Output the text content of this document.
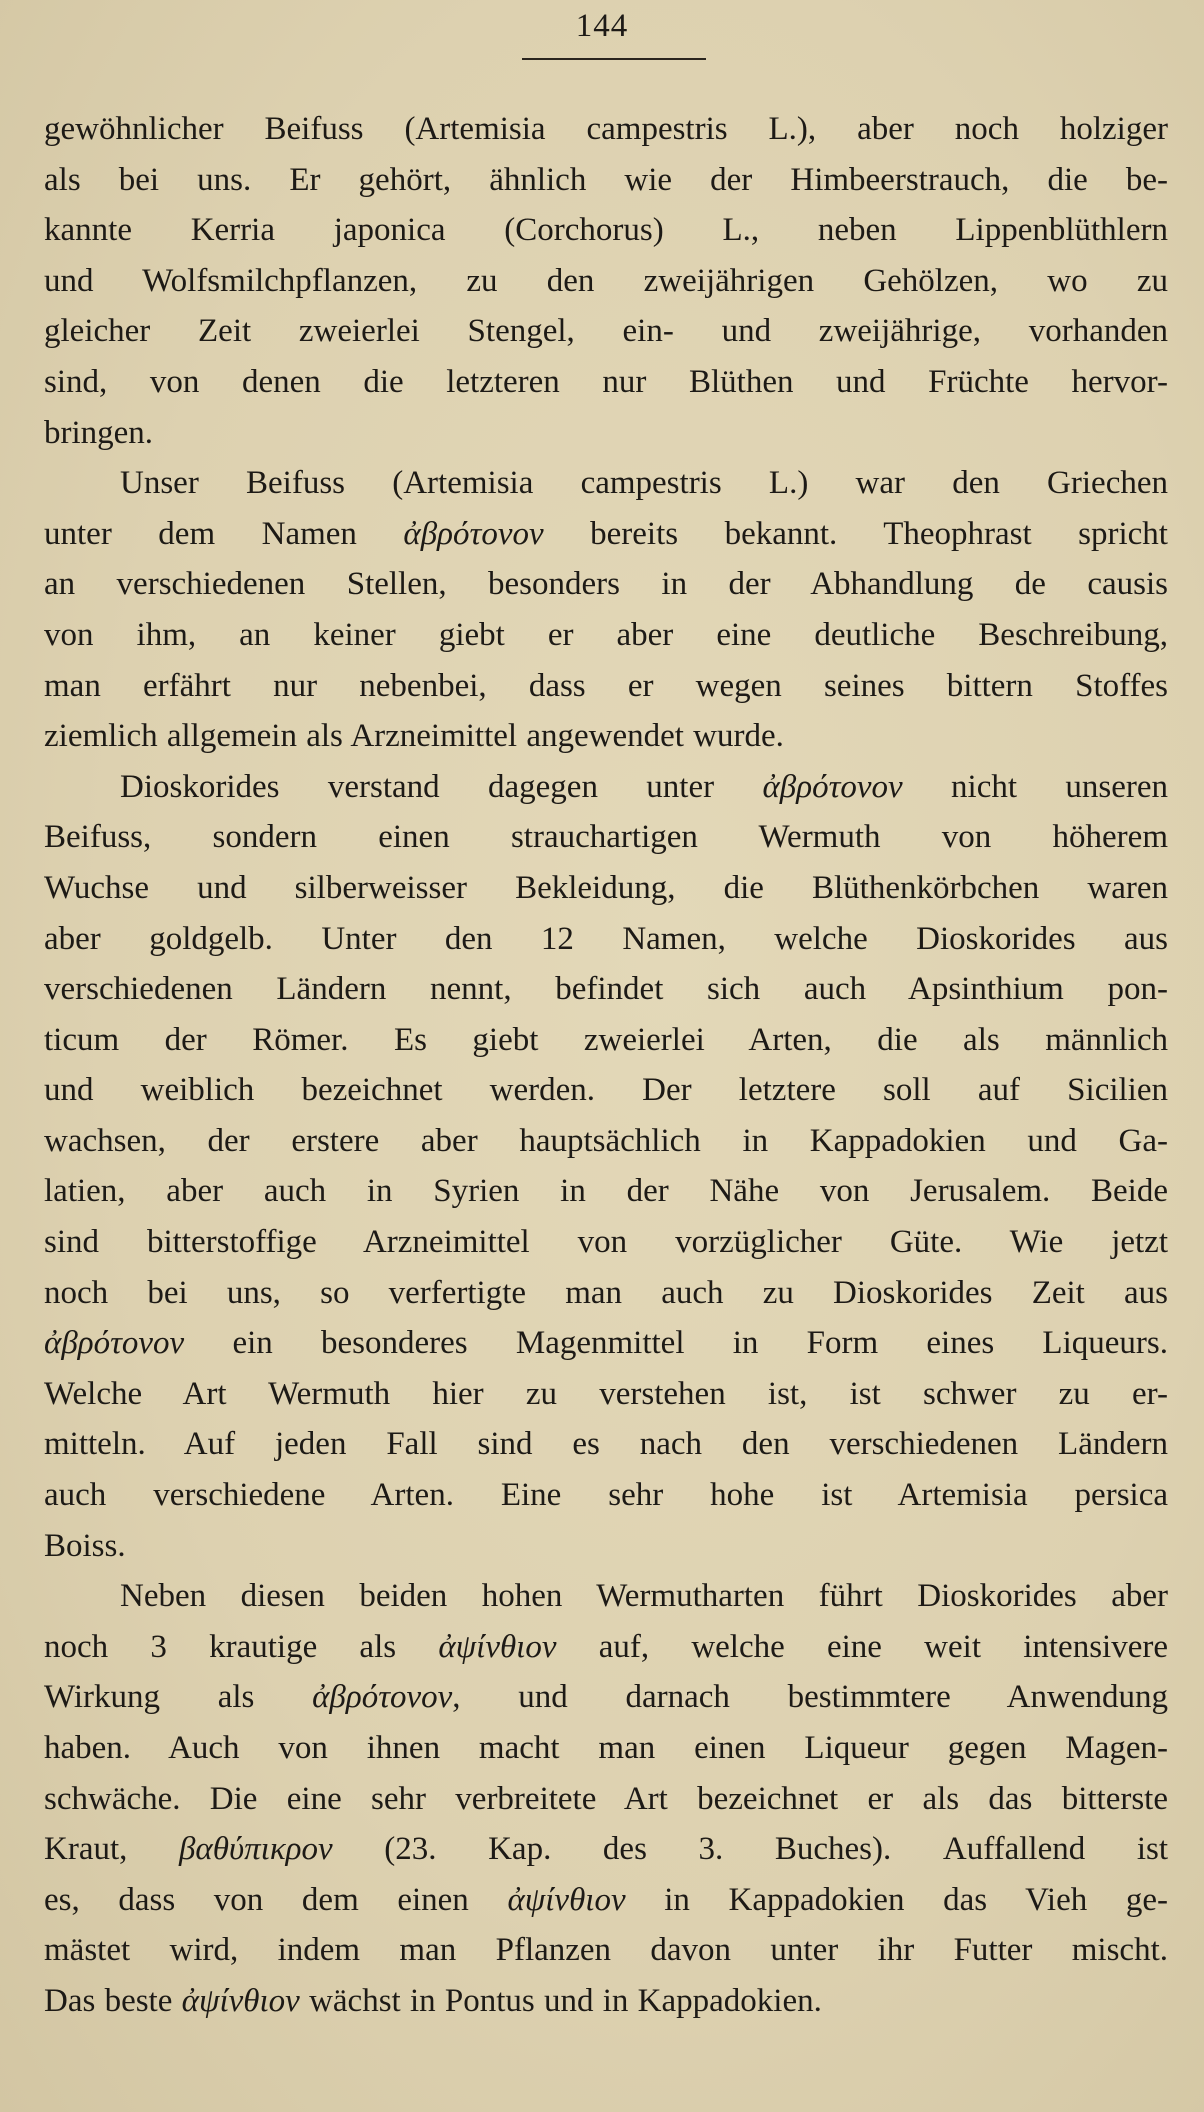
144
gewöhnlicher Beifuss (Artemisia campestris L.), aber noch holziger
als bei uns. Er gehört, ähnlich wie der Himbeerstrauch, die be-
kannte Kerria japonica (Corchorus) L., neben Lippenblüthlern
und Wolfsmilchpflanzen, zu den zweijährigen Gehölzen, wo zu
gleicher Zeit zweierlei Stengel, ein- und zweijährige, vorhanden
sind, von denen die letzteren nur Blüthen und Früchte hervor-
bringen.
Unser Beifuss (Artemisia campestris L.) war den Griechen
unter dem Namen ἀβρότονον bereits bekannt. Theophrast spricht
an verschiedenen Stellen, besonders in der Abhandlung de causis
von ihm, an keiner giebt er aber eine deutliche Beschreibung,
man erfährt nur nebenbei, dass er wegen seines bittern Stoffes
ziemlich allgemein als Arzneimittel angewendet wurde.
Dioskorides verstand dagegen unter ἀβρότονον nicht unseren
Beifuss, sondern einen strauchartigen Wermuth von höherem
Wuchse und silberweisser Bekleidung, die Blüthenkörbchen waren
aber goldgelb. Unter den 12 Namen, welche Dioskorides aus
verschiedenen Ländern nennt, befindet sich auch Apsinthium pon-
ticum der Römer. Es giebt zweierlei Arten, die als männlich
und weiblich bezeichnet werden. Der letztere soll auf Sicilien
wachsen, der erstere aber hauptsächlich in Kappadokien und Ga-
latien, aber auch in Syrien in der Nähe von Jerusalem. Beide
sind bitterstoffige Arzneimittel von vorzüglicher Güte. Wie jetzt
noch bei uns, so verfertigte man auch zu Dioskorides Zeit aus
ἀβρότονον ein besonderes Magenmittel in Form eines Liqueurs.
Welche Art Wermuth hier zu verstehen ist, ist schwer zu er-
mitteln. Auf jeden Fall sind es nach den verschiedenen Ländern
auch verschiedene Arten. Eine sehr hohe ist Artemisia persica
Boiss.
Neben diesen beiden hohen Wermutharten führt Dioskorides aber
noch 3 krautige als ἀψίνθιον auf, welche eine weit intensivere
Wirkung als ἀβρότονον, und darnach bestimmtere Anwendung
haben. Auch von ihnen macht man einen Liqueur gegen Magen-
schwäche. Die eine sehr verbreitete Art bezeichnet er als das bitterste
Kraut, βαθύπικρον (23. Kap. des 3. Buches). Auffallend ist
es, dass von dem einen ἀψίνθιον in Kappadokien das Vieh ge-
mästet wird, indem man Pflanzen davon unter ihr Futter mischt.
Das beste ἀψίνθιον wächst in Pontus und in Kappadokien.
